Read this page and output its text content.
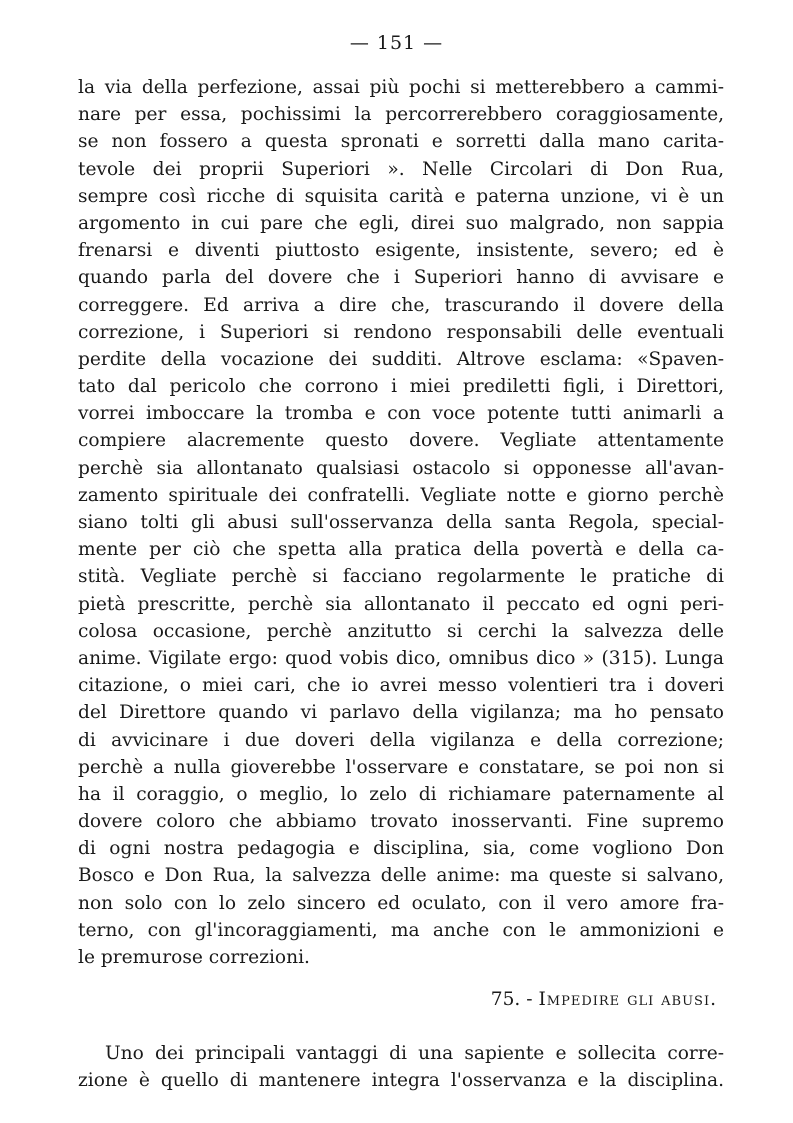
— 151 —
la via della perfezione, assai più pochi si metterebbero a cammi-
nare per essa, pochissimi la percorrerebbero coraggiosamente,
se non fossero a questa spronati e sorretti dalla mano carita-
tevole dei proprii Superiori ». Nelle Circolari di Don Rua,
sempre così ricche di squisita carità e paterna unzione, vi è un
argomento in cui pare che egli, direi suo malgrado, non sappia
frenarsi e diventi piuttosto esigente, insistente, severo; ed è
quando parla del dovere che i Superiori hanno di avvisare e
correggere. Ed arriva a dire che, trascurando il dovere della
correzione, i Superiori si rendono responsabili delle eventuali
perdite della vocazione dei sudditi. Altrove esclama: «Spaven-
tato dal pericolo che corrono i miei prediletti figli, i Direttori,
vorrei imboccare la tromba e con voce potente tutti animarli a
compiere alacremente questo dovere. Vegliate attentamente
perchè sia allontanato qualsiasi ostacolo si opponesse all'avan-
zamento spirituale dei confratelli. Vegliate notte e giorno perchè
siano tolti gli abusi sull'osservanza della santa Regola, special-
mente per ciò che spetta alla pratica della povertà e della ca-
stità. Vegliate perchè si facciano regolarmente le pratiche di
pietà prescritte, perchè sia allontanato il peccato ed ogni peri-
colosa occasione, perchè anzitutto si cerchi la salvezza delle
anime. Vigilate ergo: quod vobis dico, omnibus dico » (315). Lunga
citazione, o miei cari, che io avrei messo volentieri tra i doveri
del Direttore quando vi parlavo della vigilanza; ma ho pensato
di avvicinare i due doveri della vigilanza e della correzione;
perchè a nulla gioverebbe l'osservare e constatare, se poi non si
ha il coraggio, o meglio, lo zelo di richiamare paternamente al
dovere coloro che abbiamo trovato inosservanti. Fine supremo
di ogni nostra pedagogia e disciplina, sia, come vogliono Don
Bosco e Don Rua, la salvezza delle anime: ma queste si salvano,
non solo con lo zelo sincero ed oculato, con il vero amore fra-
terno, con gl'incoraggiamenti, ma anche con le ammonizioni e
le premurose correzioni.
75. - Impedire gli abusi.
Uno dei principali vantaggi di una sapiente e sollecita corre-
zione è quello di mantenere integra l'osservanza e la disciplina.
